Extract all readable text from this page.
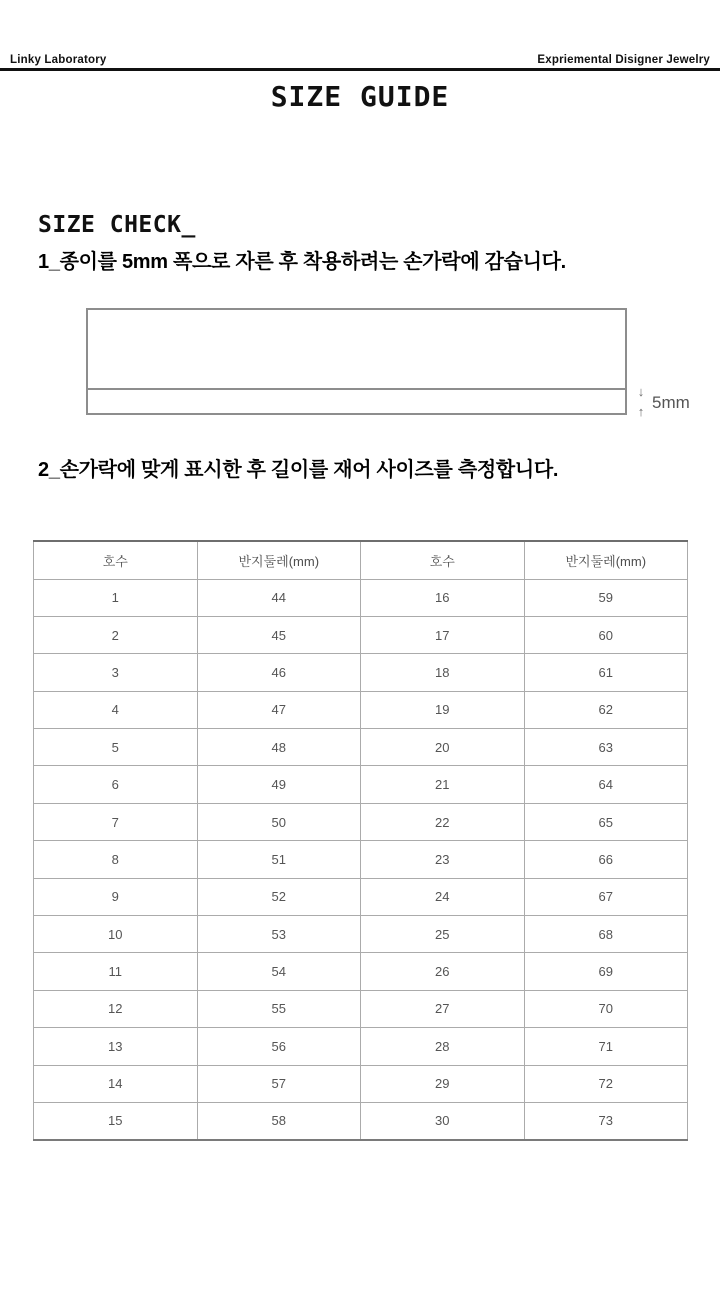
Linky Laboratory	Expriemental Disigner Jewelry
SIZE GUIDE
SIZE CHECK_

1_종이를 5mm 폭으로 자른 후 착용하려는 손가락에 감습니다.

↓
↑ 5mm

2_손가락에 맞게 표시한 후 길이를 재어 사이즈를 측정합니다.

호수	반지둘레(mm)	호수	반지둘레(mm)
1	44	16	59
2	45	17	60
3	46	18	61
4	47	19	62
5	48	20	63
6	49	21	64
7	50	22	65
8	51	23	66
9	52	24	67
10	53	25	68
11	54	26	69
12	55	27	70
13	56	28	71
14	57	29	72
15	58	30	73
